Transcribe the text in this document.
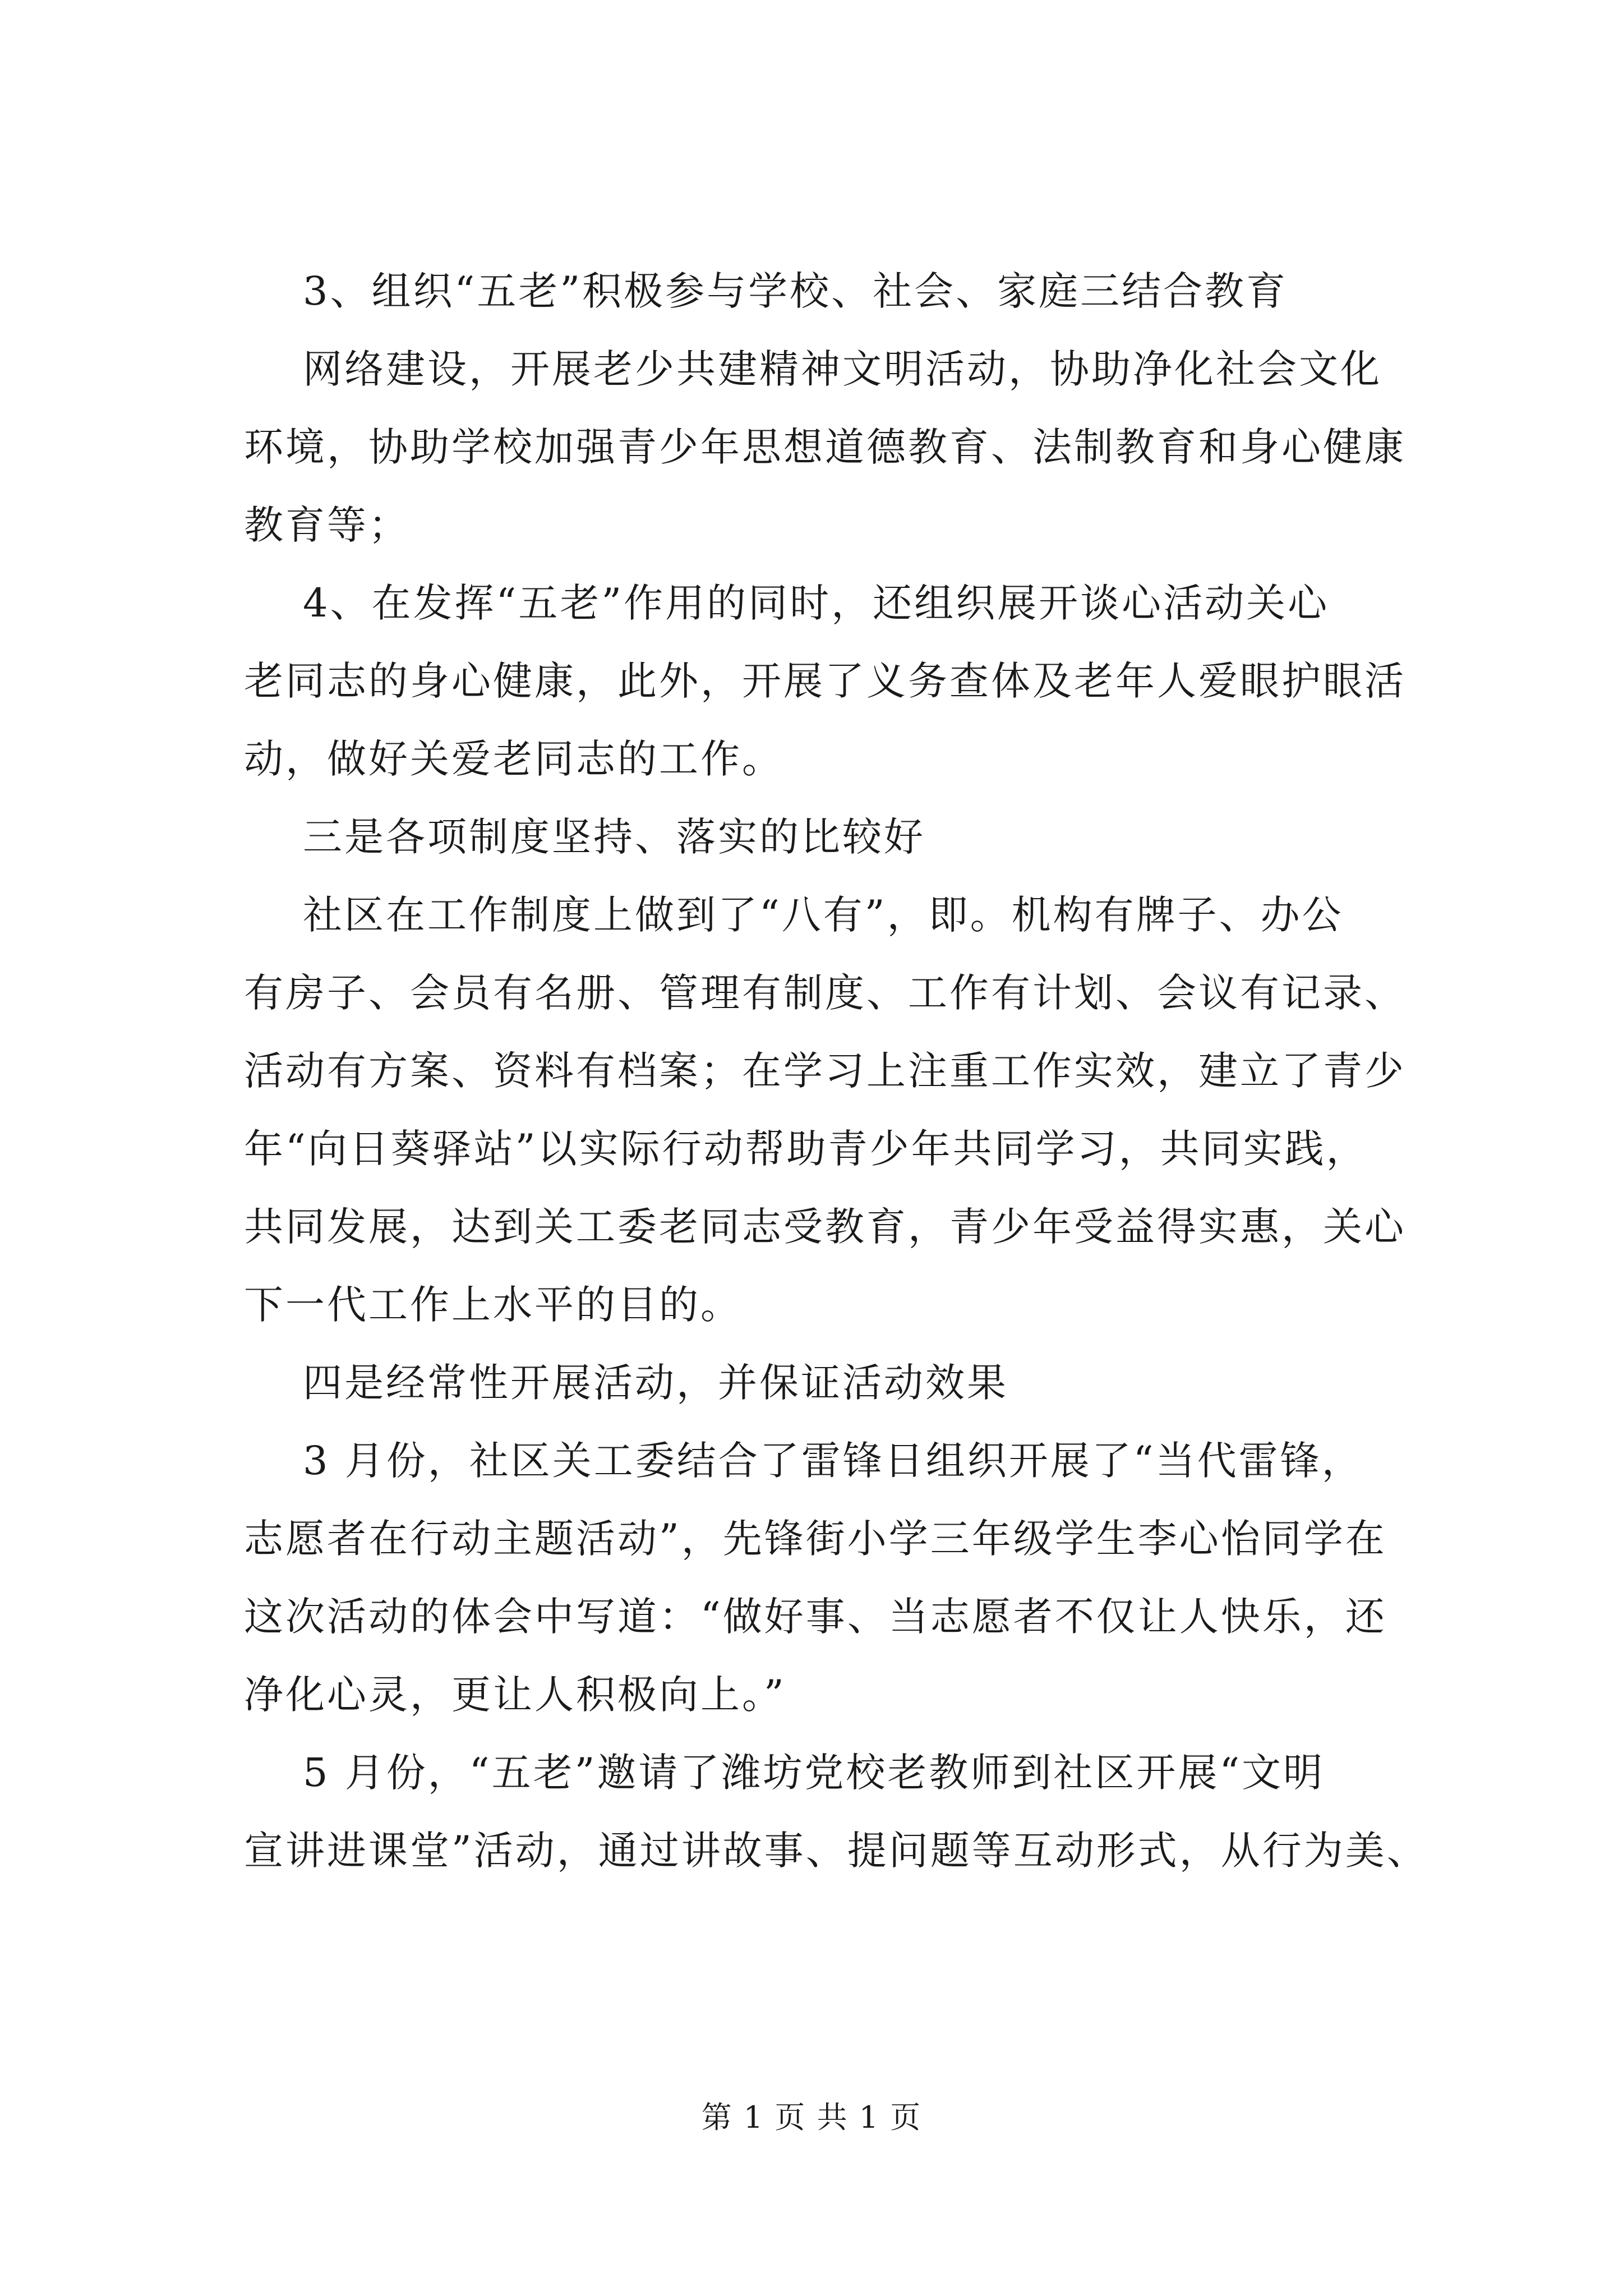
3、组织“五老”积极参与学校、社会、家庭三结合教育
网络建设，开展老少共建精神文明活动，协助净化社会文化
环境，协助学校加强青少年思想道德教育、法制教育和身心健康
教育等；
4、在发挥“五老”作用的同时，还组织展开谈心活动关心
老同志的身心健康，此外，开展了义务查体及老年人爱眼护眼活
动，做好关爱老同志的工作。
三是各项制度坚持、落实的比较好
社区在工作制度上做到了“八有”，即。机构有牌子、办公
有房子、会员有名册、管理有制度、工作有计划、会议有记录、
活动有方案、资料有档案；在学习上注重工作实效，建立了青少
年“向日葵驿站”以实际行动帮助青少年共同学习，共同实践，
共同发展，达到关工委老同志受教育，青少年受益得实惠，关心
下一代工作上水平的目的。
四是经常性开展活动，并保证活动效果
3 月份，社区关工委结合了雷锋日组织开展了“当代雷锋，
志愿者在行动主题活动”，先锋街小学三年级学生李心怡同学在
这次活动的体会中写道：“做好事、当志愿者不仅让人快乐，还
净化心灵，更让人积极向上。”
5 月份，“五老”邀请了潍坊党校老教师到社区开展“文明
宣讲进课堂”活动，通过讲故事、提问题等互动形式，从行为美、
第 1 页 共 1 页
